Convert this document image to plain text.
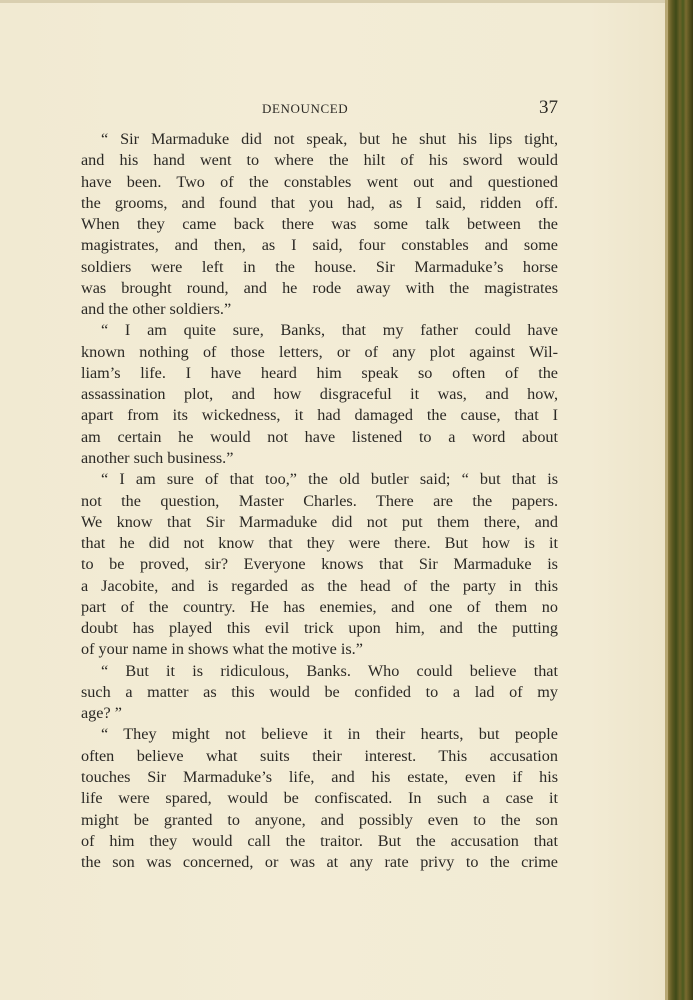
DENOUNCED	37
“ Sir Marmaduke did not speak, but he shut his lips tight,
and his hand went to where the hilt of his sword would
have been. Two of the constables went out and questioned
the grooms, and found that you had, as I said, ridden off.
When they came back there was some talk between the
magistrates, and then, as I said, four constables and some
soldiers were left in the house. Sir Marmaduke’s horse
was brought round, and he rode away with the magistrates
and the other soldiers.”
“ I am quite sure, Banks, that my father could have
known nothing of those letters, or of any plot against Wil-
liam’s life. I have heard him speak so often of the
assassination plot, and how disgraceful it was, and how,
apart from its wickedness, it had damaged the cause, that I
am certain he would not have listened to a word about
another such business.”
“ I am sure of that too,” the old butler said; “ but that is
not the question, Master Charles. There are the papers.
We know that Sir Marmaduke did not put them there, and
that he did not know that they were there. But how is it
to be proved, sir? Everyone knows that Sir Marmaduke is
a Jacobite, and is regarded as the head of the party in this
part of the country. He has enemies, and one of them no
doubt has played this evil trick upon him, and the putting
of your name in shows what the motive is.”
“ But it is ridiculous, Banks. Who could believe that
such a matter as this would be confided to a lad of my
age? ”
“ They might not believe it in their hearts, but people
often believe what suits their interest. This accusation
touches Sir Marmaduke’s life, and his estate, even if his
life were spared, would be confiscated. In such a case it
might be granted to anyone, and possibly even to the son
of him they would call the traitor. But the accusation that
the son was concerned, or was at any rate privy to the crime
